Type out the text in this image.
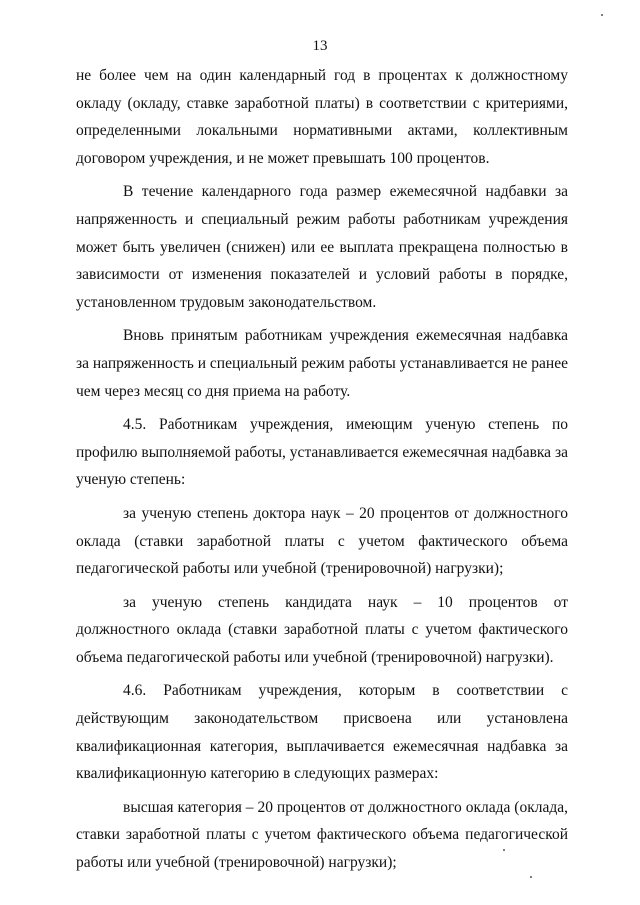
13

не более чем на один календарный год в процентах к должностному окладу (окладу, ставке заработной платы) в соответствии с критериями, определенными локальными нормативными актами, коллективным договором учреждения, и не может превышать 100 процентов.

В течение календарного года размер ежемесячной надбавки за напряженность и специальный режим работы работникам учреждения может быть увеличен (снижен) или ее выплата прекращена полностью в зависимости от изменения показателей и условий работы в порядке, установленном трудовым законодательством.

Вновь принятым работникам учреждения ежемесячная надбавка за напряженность и специальный режим работы устанавливается не ранее чем через месяц со дня приема на работу.

4.5. Работникам учреждения, имеющим ученую степень по профилю выполняемой работы, устанавливается ежемесячная надбавка за ученую степень:

за ученую степень доктора наук – 20 процентов от должностного оклада (ставки заработной платы с учетом фактического объема педагогической работы или учебной (тренировочной) нагрузки);

за ученую степень кандидата наук – 10 процентов от должностного оклада (ставки заработной платы с учетом фактического объема педагогической работы или учебной (тренировочной) нагрузки).

4.6. Работникам учреждения, которым в соответствии с действующим законодательством присвоена или установлена квалификационная категория, выплачивается ежемесячная надбавка за квалификационную категорию в следующих размерах:

высшая категория – 20 процентов от должностного оклада (оклада, ставки заработной платы с учетом фактического объема педагогической работы или учебной (тренировочной) нагрузки);
